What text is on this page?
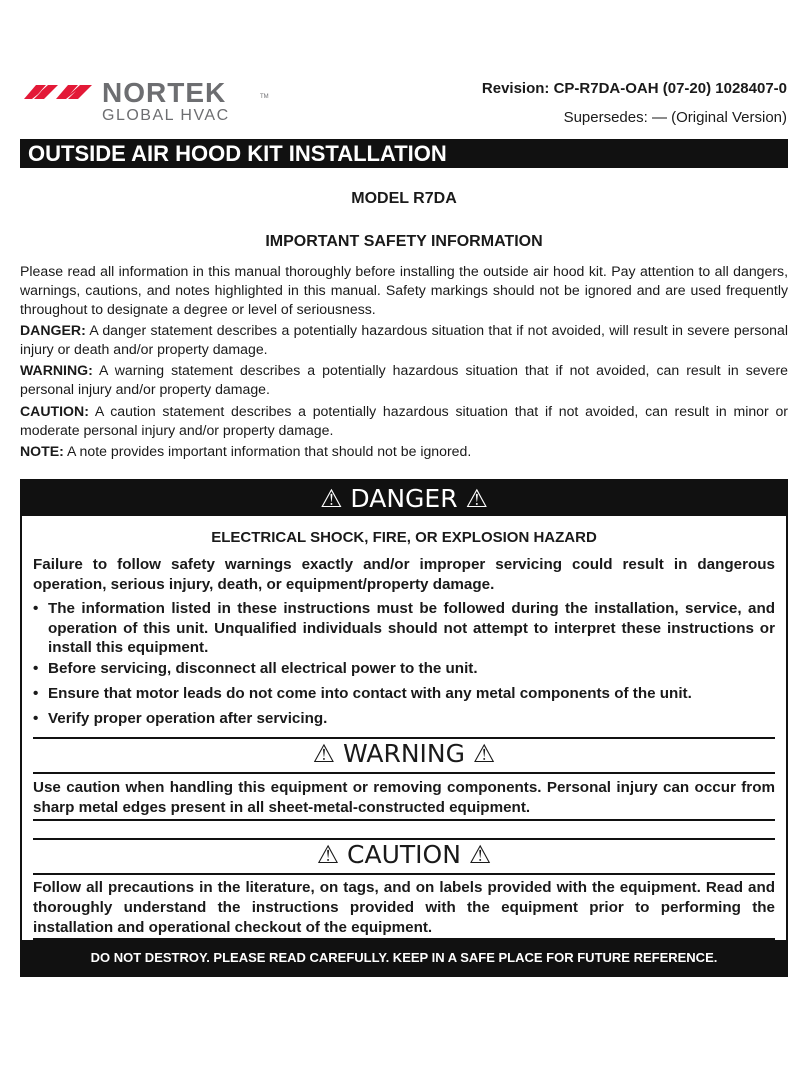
NORTEK	TM
GLOBAL HVAC
Revision: CP-R7DA-OAH (07-20) 1028407-0
Supersedes: — (Original Version)
OUTSIDE AIR HOOD KIT INSTALLATION
MODEL R7DA
IMPORTANT SAFETY INFORMATION

Please read all information in this manual thoroughly before installing the outside air hood kit. Pay attention to all dangers, warnings, cautions, and notes highlighted in this manual. Safety markings should not be ignored and are used frequently throughout to designate a degree or level of seriousness.

DANGER: A danger statement describes a potentially hazardous situation that if not avoided, will result in severe personal injury or death and/or property damage.

WARNING: A warning statement describes a potentially hazardous situation that if not avoided, can result in severe personal injury and/or property damage.

CAUTION: A caution statement describes a potentially hazardous situation that if not avoided, can result in minor or moderate personal injury and/or property damage.

NOTE: A note provides important information that should not be ignored.

⚠ DANGER ⚠
ELECTRICAL SHOCK, FIRE, OR EXPLOSION HAZARD

Failure to follow safety warnings exactly and/or improper servicing could result in dangerous operation, serious injury, death, or equipment/property damage.

• The information listed in these instructions must be followed during the installation, service, and operation of this unit. Unqualified individuals should not attempt to interpret these instructions or install this equipment.

• Before servicing, disconnect all electrical power to the unit.

• Ensure that motor leads do not come into contact with any metal components of the unit.

• Verify proper operation after servicing.

⚠ WARNING ⚠

Use caution when handling this equipment or removing components. Personal injury can occur from sharp metal edges present in all sheet-metal-constructed equipment.

⚠ CAUTION ⚠

Follow all precautions in the literature, on tags, and on labels provided with the equipment. Read and thoroughly understand the instructions provided with the equipment prior to performing the installation and operational checkout of the equipment.

DO NOT DESTROY. PLEASE READ CAREFULLY. KEEP IN A SAFE PLACE FOR FUTURE REFERENCE.
